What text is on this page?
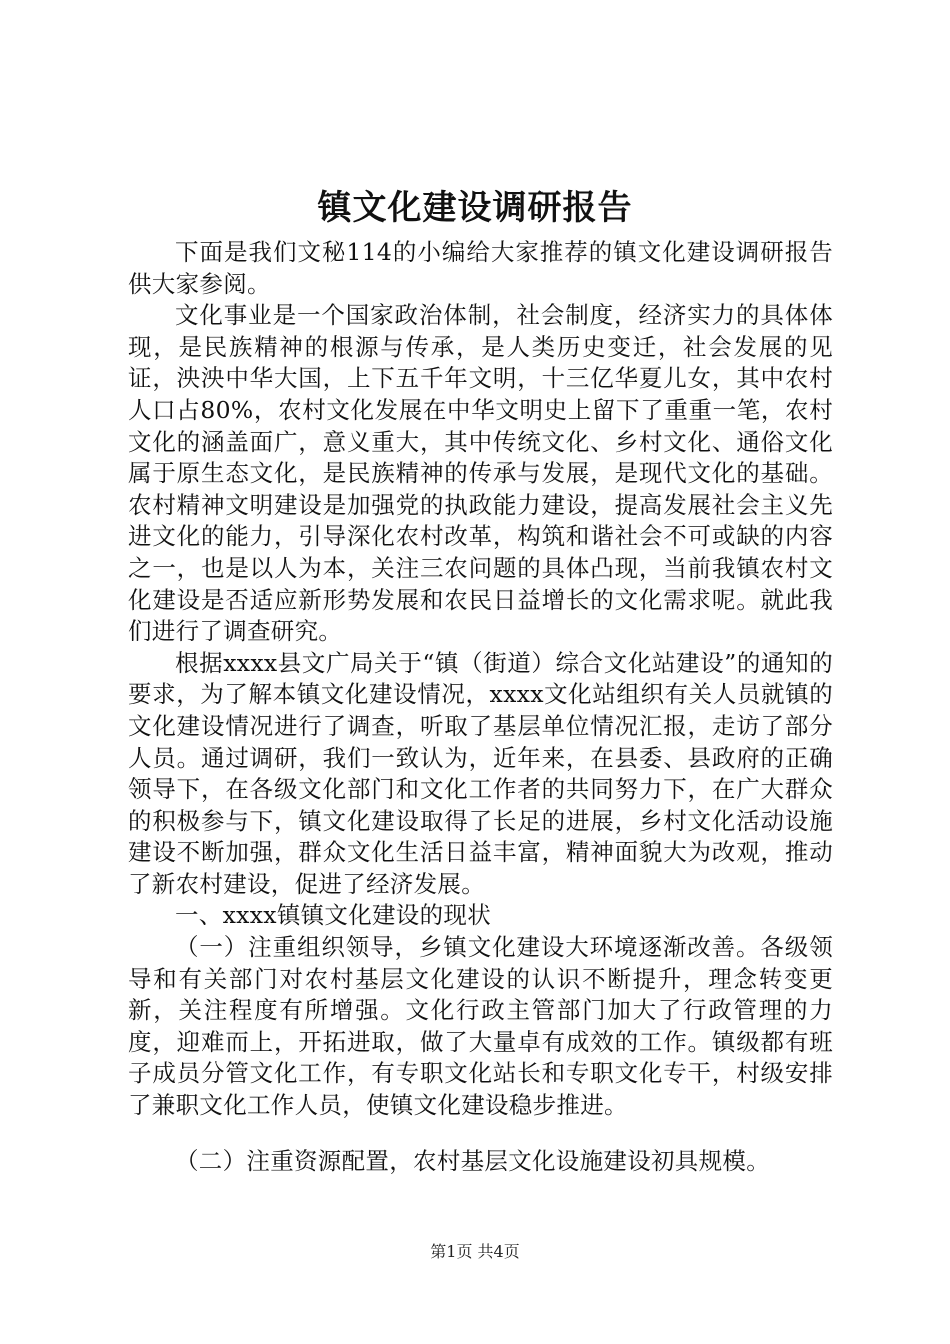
镇文化建设调研报告

下面是我们文秘114的小编给大家推荐的镇文化建设调研报告供大家参阅。

文化事业是一个国家政治体制，社会制度，经济实力的具体体现，是民族精神的根源与传承，是人类历史变迁，社会发展的见证，泱泱中华大国，上下五千年文明，十三亿华夏儿女，其中农村人口占80%，农村文化发展在中华文明史上留下了重重一笔，农村文化的涵盖面广，意义重大，其中传统文化、乡村文化、通俗文化属于原生态文化，是民族精神的传承与发展，是现代文化的基础。农村精神文明建设是加强党的执政能力建设，提高发展社会主义先进文化的能力，引导深化农村改革，构筑和谐社会不可或缺的内容之一，也是以人为本，关注三农问题的具体凸现，当前我镇农村文化建设是否适应新形势发展和农民日益增长的文化需求呢。就此我们进行了调查研究。

根据xxxx县文广局关于“镇（街道）综合文化站建设”的通知的要求，为了解本镇文化建设情况，xxxx文化站组织有关人员就镇的文化建设情况进行了调查，听取了基层单位情况汇报，走访了部分人员。通过调研，我们一致认为，近年来，在县委、县政府的正确领导下，在各级文化部门和文化工作者的共同努力下，在广大群众的积极参与下，镇文化建设取得了长足的进展，乡村文化活动设施建设不断加强，群众文化生活日益丰富，精神面貌大为改观，推动了新农村建设，促进了经济发展。

一、xxxx镇镇文化建设的现状

（一）注重组织领导，乡镇文化建设大环境逐渐改善。各级领导和有关部门对农村基层文化建设的认识不断提升，理念转变更新，关注程度有所增强。文化行政主管部门加大了行政管理的力度，迎难而上，开拓进取，做了大量卓有成效的工作。镇级都有班子成员分管文化工作，有专职文化站长和专职文化专干，村级安排了兼职文化工作人员，使镇文化建设稳步推进。

（二）注重资源配置，农村基层文化设施建设初具规模。

第1页 共4页
